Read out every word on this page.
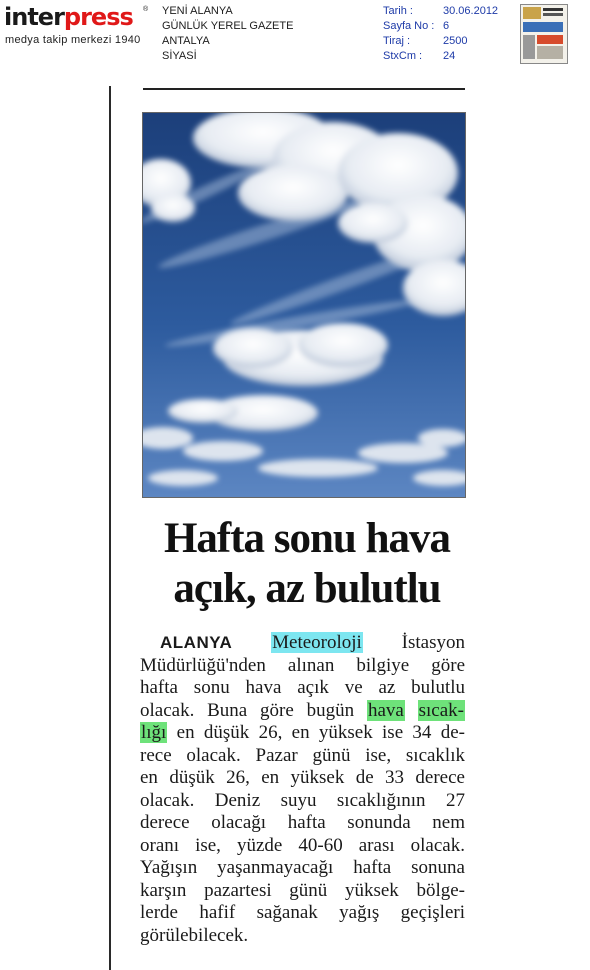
interpress ®
medya takip merkezi 1940
YENİ ALANYA
GÜNLÜK YEREL GAZETE
ANTALYA
SİYASİ
Tarih :	30.06.2012
Sayfa No : 6
Tiraj :	2500
StxCm :	24
Hafta sonu hava
açık, az bulutlu
ALANYA Meteoroloji İstasyon
Müdürlüğü'nden alınan bilgiye göre
hafta sonu hava açık ve az bulutlu
olacak. Buna göre bugün hava sıcak-
lığı en düşük 26, en yüksek ise 34 de-
rece olacak. Pazar günü ise, sıcaklık
en düşük 26, en yüksek de 33 derece
olacak. Deniz suyu sıcaklığının 27
derece olacağı hafta sonunda nem
oranı ise, yüzde 40-60 arası olacak.
Yağışın yaşanmayacağı hafta sonuna
karşın pazartesi günü yüksek bölge-
lerde hafif sağanak yağış geçişleri
görülebilecek.
